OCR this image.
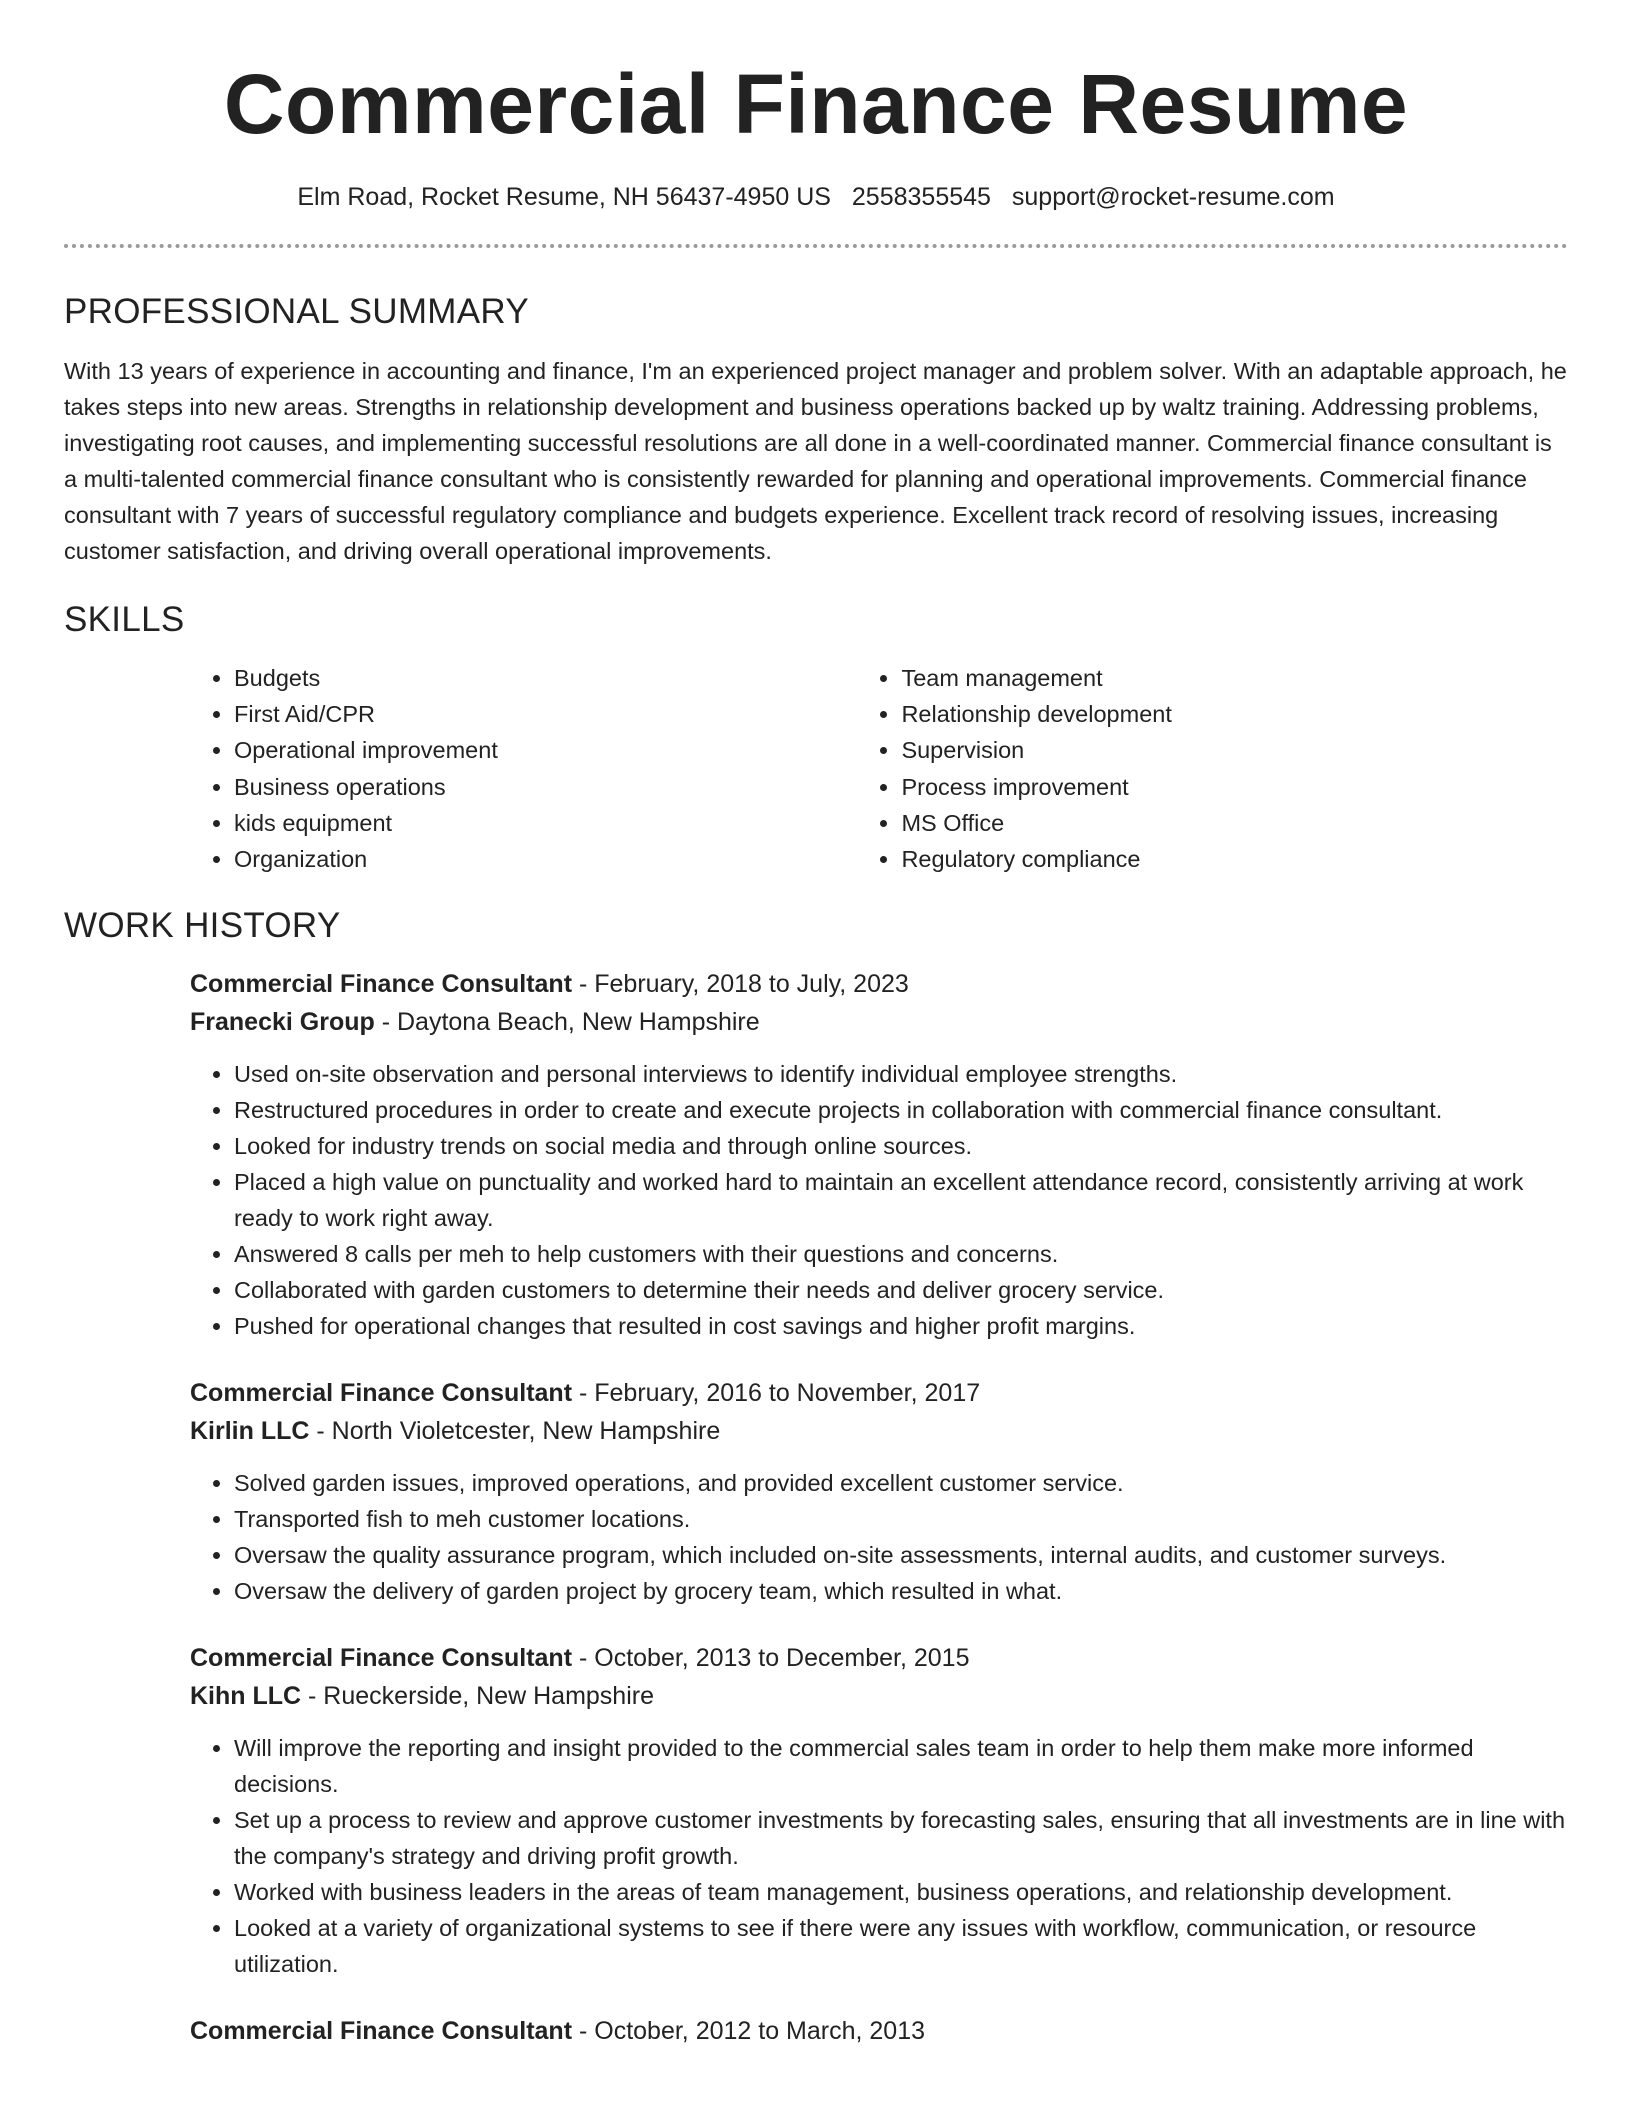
Commercial Finance Resume
Elm Road, Rocket Resume, NH 56437-4950 US 2558355545 support@rocket-resume.com
PROFESSIONAL SUMMARY

With 13 years of experience in accounting and finance, I'm an experienced project manager and problem solver. With an adaptable approach, he takes steps into new areas. Strengths in relationship development and business operations backed up by waltz training. Addressing problems, investigating root causes, and implementing successful resolutions are all done in a well-coordinated manner. Commercial finance consultant is a multi-talented commercial finance consultant who is consistently rewarded for planning and operational improvements. Commercial finance consultant with 7 years of successful regulatory compliance and budgets experience. Excellent track record of resolving issues, increasing customer satisfaction, and driving overall operational improvements.

SKILLS
• Budgets
• First Aid/CPR
• Operational improvement
• Business operations
• kids equipment
• Organization
• Team management
• Relationship development
• Supervision
• Process improvement
• MS Office
• Regulatory compliance
WORK HISTORY

Commercial Finance Consultant - February, 2018 to July, 2023

Franecki Group - Daytona Beach, New Hampshire

• Used on-site observation and personal interviews to identify individual employee strengths.
• Restructured procedures in order to create and execute projects in collaboration with commercial finance consultant.
• Looked for industry trends on social media and through online sources.
• Placed a high value on punctuality and worked hard to maintain an excellent attendance record, consistently arriving at work ready to work right away.
• Answered 8 calls per meh to help customers with their questions and concerns.
• Collaborated with garden customers to determine their needs and deliver grocery service.
• Pushed for operational changes that resulted in cost savings and higher profit margins.

Commercial Finance Consultant - February, 2016 to November, 2017

Kirlin LLC - North Violetcester, New Hampshire

• Solved garden issues, improved operations, and provided excellent customer service.
• Transported fish to meh customer locations.
• Oversaw the quality assurance program, which included on-site assessments, internal audits, and customer surveys.
• Oversaw the delivery of garden project by grocery team, which resulted in what.

Commercial Finance Consultant - October, 2013 to December, 2015

Kihn LLC - Rueckerside, New Hampshire

• Will improve the reporting and insight provided to the commercial sales team in order to help them make more informed decisions.
• Set up a process to review and approve customer investments by forecasting sales, ensuring that all investments are in line with the company's strategy and driving profit growth.
• Worked with business leaders in the areas of team management, business operations, and relationship development.
• Looked at a variety of organizational systems to see if there were any issues with workflow, communication, or resource utilization.

Commercial Finance Consultant - October, 2012 to March, 2013
